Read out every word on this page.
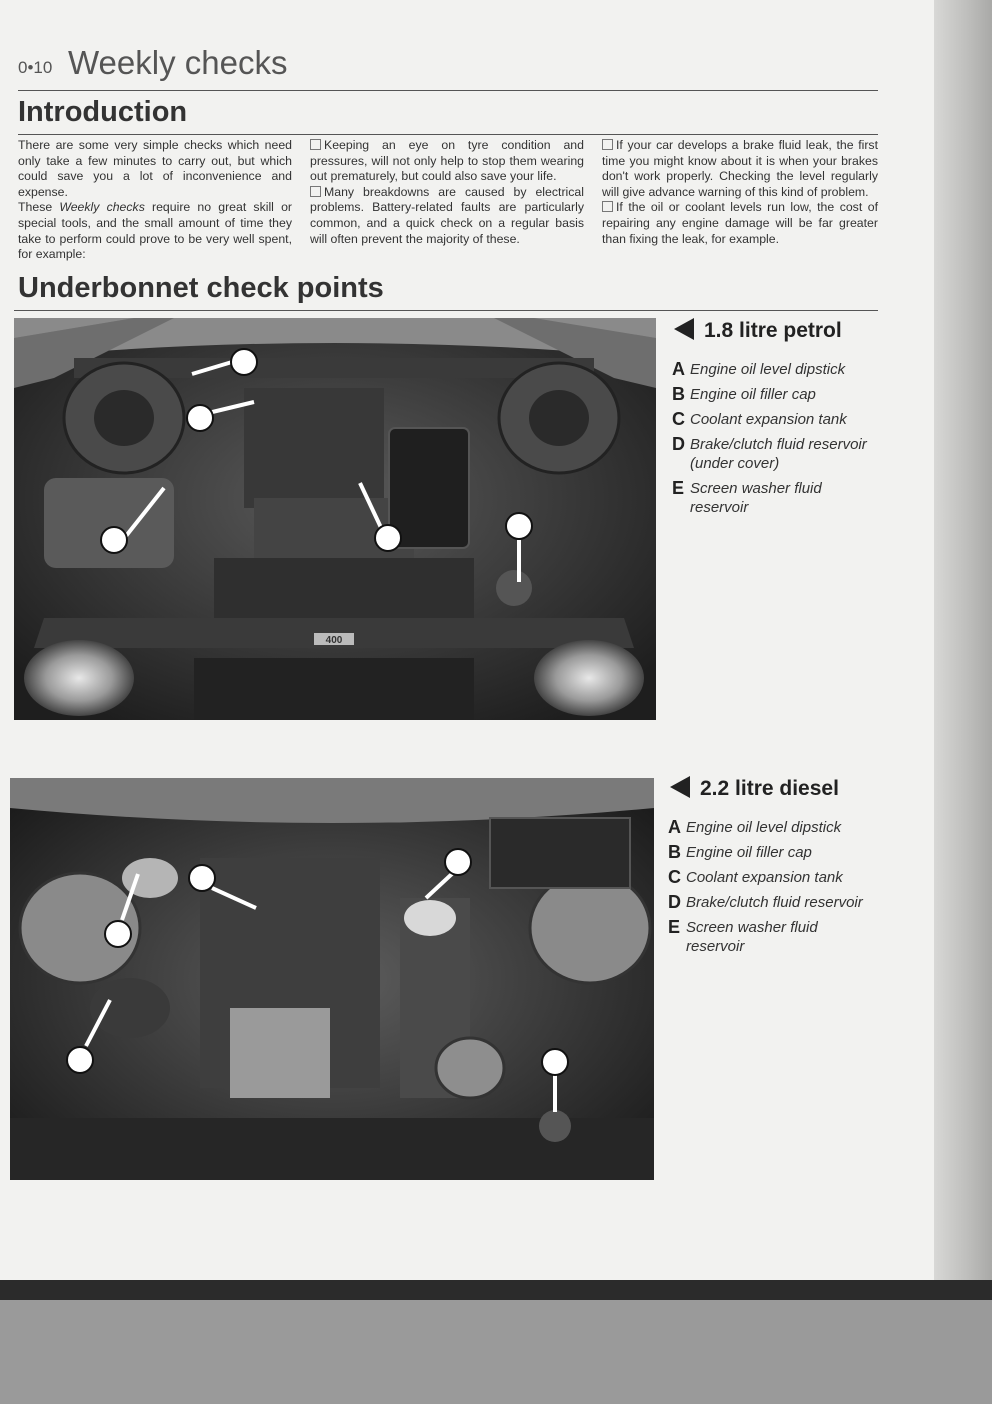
0•10 Weekly checks
Introduction

There are some very simple checks which need only take a few minutes to carry out, but which could save you a lot of inconvenience and expense.

These Weekly checks require no great skill or special tools, and the small amount of time they take to perform could prove to be very well spent, for example:

Keeping an eye on tyre condition and pressures, will not only help to stop them wearing out prematurely, but could also save your life.

Many breakdowns are caused by electrical problems. Battery-related faults are particularly common, and a quick check on a regular basis will often prevent the majority of these.

If your car develops a brake fluid leak, the first time you might know about it is when your brakes don't work properly. Checking the level regularly will give advance warning of this kind of problem.

If the oil or coolant levels run low, the cost of repairing any engine damage will be far greater than fixing the leak, for example.

Underbonnet check points
400
1.8 litre petrol
A Engine oil level dipstick
B Engine oil filler cap
C Coolant expansion tank
D Brake/clutch fluid reservoir (under cover)
E Screen washer fluid reservoir
2.2 litre diesel
A Engine oil level dipstick
B Engine oil filler cap
C Coolant expansion tank
D Brake/clutch fluid reservoir
E Screen washer fluid reservoir
